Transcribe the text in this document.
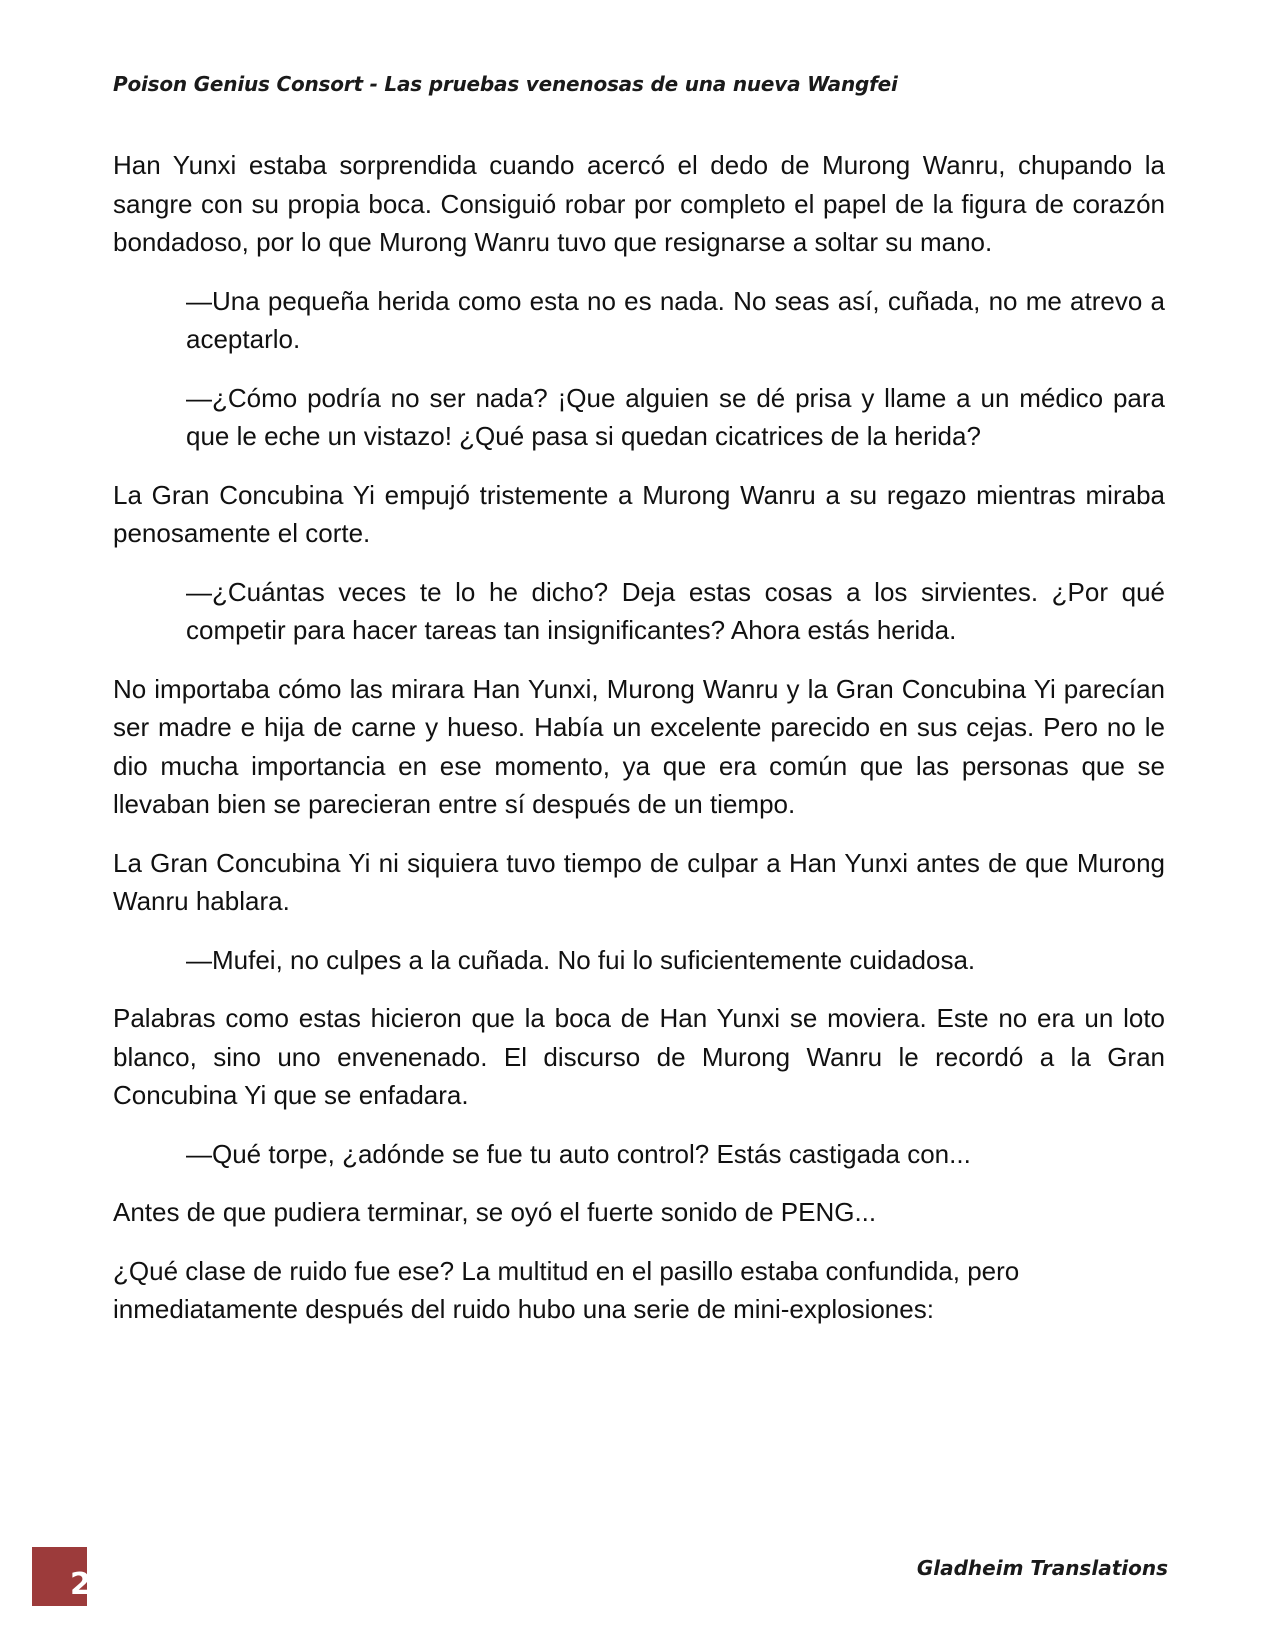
Poison Genius Consort - Las pruebas venenosas de una nueva Wangfei

Han Yunxi estaba sorprendida cuando acercó el dedo de Murong Wanru, chupando la sangre con su propia boca. Consiguió robar por completo el papel de la figura de corazón bondadoso, por lo que Murong Wanru tuvo que resignarse a soltar su mano.

—Una pequeña herida como esta no es nada. No seas así, cuñada, no me atrevo a aceptarlo.

—¿Cómo podría no ser nada? ¡Que alguien se dé prisa y llame a un médico para que le eche un vistazo! ¿Qué pasa si quedan cicatrices de la herida?

La Gran Concubina Yi empujó tristemente a Murong Wanru a su regazo mientras miraba penosamente el corte.

—¿Cuántas veces te lo he dicho? Deja estas cosas a los sirvientes. ¿Por qué competir para hacer tareas tan insignificantes? Ahora estás herida.

No importaba cómo las mirara Han Yunxi, Murong Wanru y la Gran Concubina Yi parecían ser madre e hija de carne y hueso. Había un excelente parecido en sus cejas. Pero no le dio mucha importancia en ese momento, ya que era común que las personas que se llevaban bien se parecieran entre sí después de un tiempo.

La Gran Concubina Yi ni siquiera tuvo tiempo de culpar a Han Yunxi antes de que Murong Wanru hablara.

—Mufei, no culpes a la cuñada. No fui lo suficientemente cuidadosa.

Palabras como estas hicieron que la boca de Han Yunxi se moviera. Este no era un loto blanco, sino uno envenenado. El discurso de Murong Wanru le recordó a la Gran Concubina Yi que se enfadara.

—Qué torpe, ¿adónde se fue tu auto control? Estás castigada con...

Antes de que pudiera terminar, se oyó el fuerte sonido de PENG...

¿Qué clase de ruido fue ese? La multitud en el pasillo estaba confundida, pero inmediatamente después del ruido hubo una serie de mini-explosiones:

2	Gladheim Translations
